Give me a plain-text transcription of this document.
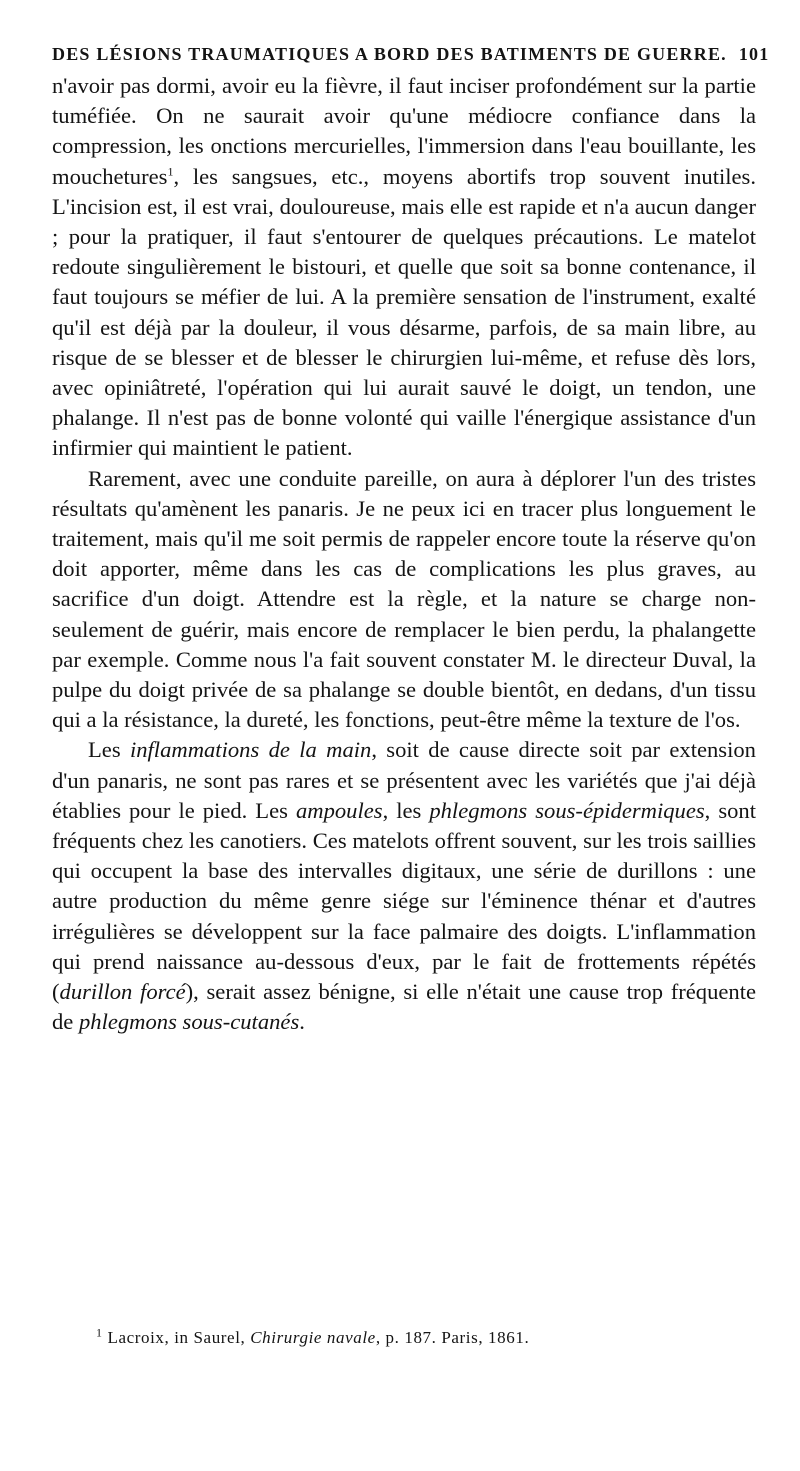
DES LÉSIONS TRAUMATIQUES A BORD DES BATIMENTS DE GUERRE. 101

n'avoir pas dormi, avoir eu la fièvre, il faut inciser profondément sur la partie tuméfiée. On ne saurait avoir qu'une médiocre confiance dans la compression, les onctions mercurielles, l'immersion dans l'eau bouillante, les mouchetures$^1$, les sangsues, etc., moyens abortifs trop souvent inutiles. L'incision est, il est vrai, douloureuse, mais elle est rapide et n'a aucun danger ; pour la pratiquer, il faut s'entourer de quelques précautions. Le matelot redoute singulièrement le bistouri, et quelle que soit sa bonne contenance, il faut toujours se méfier de lui. A la première sensation de l'instrument, exalté qu'il est déjà par la douleur, il vous désarme, parfois, de sa main libre, au risque de se blesser et de blesser le chirurgien lui-même, et refuse dès lors, avec opiniâtreté, l'opération qui lui aurait sauvé le doigt, un tendon, une phalange. Il n'est pas de bonne volonté qui vaille l'énergique assistance d'un infirmier qui maintient le patient.

Rarement, avec une conduite pareille, on aura à déplorer l'un des tristes résultats qu'amènent les panaris. Je ne peux ici en tracer plus longuement le traitement, mais qu'il me soit permis de rappeler encore toute la réserve qu'on doit apporter, même dans les cas de complications les plus graves, au sacrifice d'un doigt. Attendre est la règle, et la nature se charge non-seulement de guérir, mais encore de remplacer le bien perdu, la phalangette par exemple. Comme nous l'a fait souvent constater M. le directeur Duval, la pulpe du doigt privée de sa phalange se double bientôt, en dedans, d'un tissu qui a la résistance, la dureté, les fonctions, peut-être même la texture de l'os.

Les inflammations de la main, soit de cause directe soit par extension d'un panaris, ne sont pas rares et se présentent avec les variétés que j'ai déjà établies pour le pied. Les ampoules, les phlegmons sous-épidermiques, sont fréquents chez les canotiers. Ces matelots offrent souvent, sur les trois saillies qui occupent la base des intervalles digitaux, une série de durillons : une autre production du même genre siége sur l'éminence thénar et d'autres irrégulières se développent sur la face palmaire des doigts. L'inflammation qui prend naissance au-dessous d'eux, par le fait de frottements répétés (durillon forcé), serait assez bénigne, si elle n'était une cause trop fréquente de phlegmons sous-cutanés.

$^1$ Lacroix, in Saurel, Chirurgie navale, p. 187. Paris, 1861.
